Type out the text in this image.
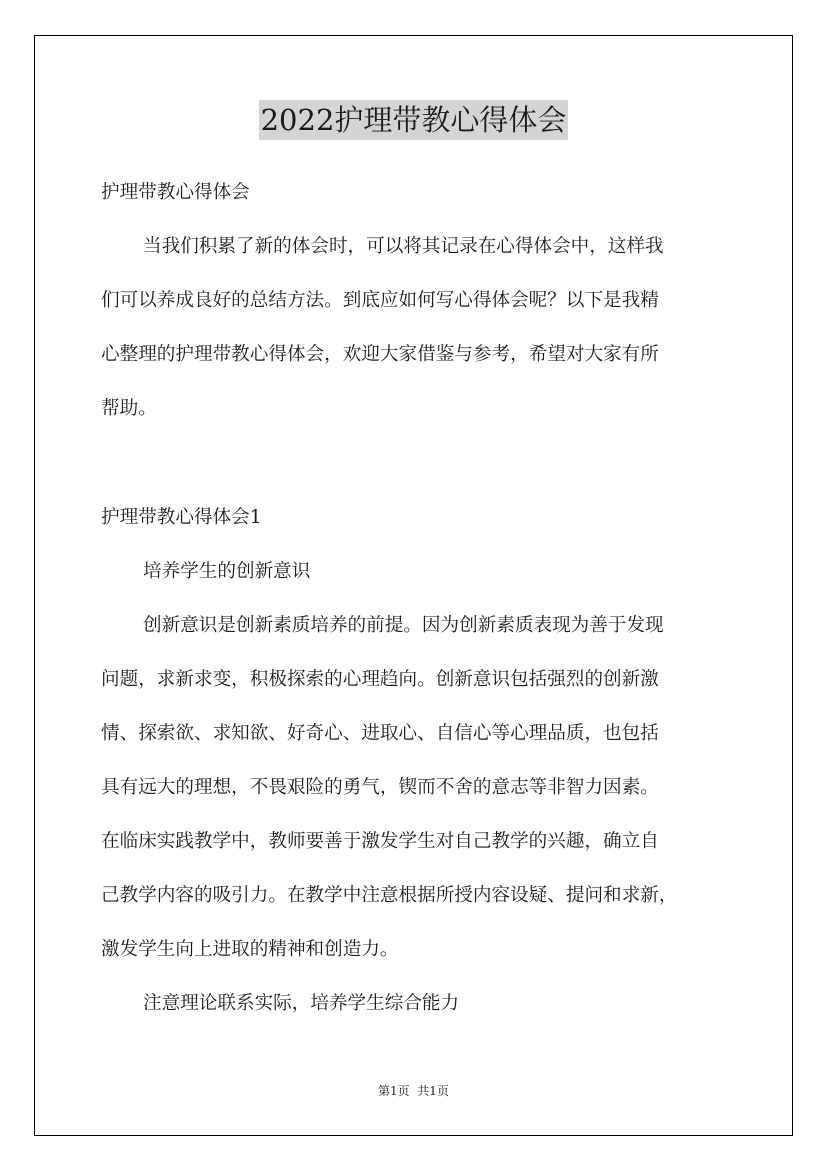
2022护理带教心得体会
护理带教心得体会
当我们积累了新的体会时，可以将其记录在心得体会中，这样我
们可以养成良好的总结方法。到底应如何写心得体会呢？以下是我精
心整理的护理带教心得体会，欢迎大家借鉴与参考，希望对大家有所
帮助。
护理带教心得体会1
培养学生的创新意识
创新意识是创新素质培养的前提。因为创新素质表现为善于发现
问题，求新求变，积极探索的心理趋向。创新意识包括强烈的创新激
情、探索欲、求知欲、好奇心、进取心、自信心等心理品质，也包括
具有远大的理想，不畏艰险的勇气，锲而不舍的意志等非智力因素。
在临床实践教学中，教师要善于激发学生对自己教学的兴趣，确立自
己教学内容的吸引力。在教学中注意根据所授内容设疑、提问和求新，
激发学生向上进取的精神和创造力。
注意理论联系实际，培养学生综合能力
第1页  共1页
